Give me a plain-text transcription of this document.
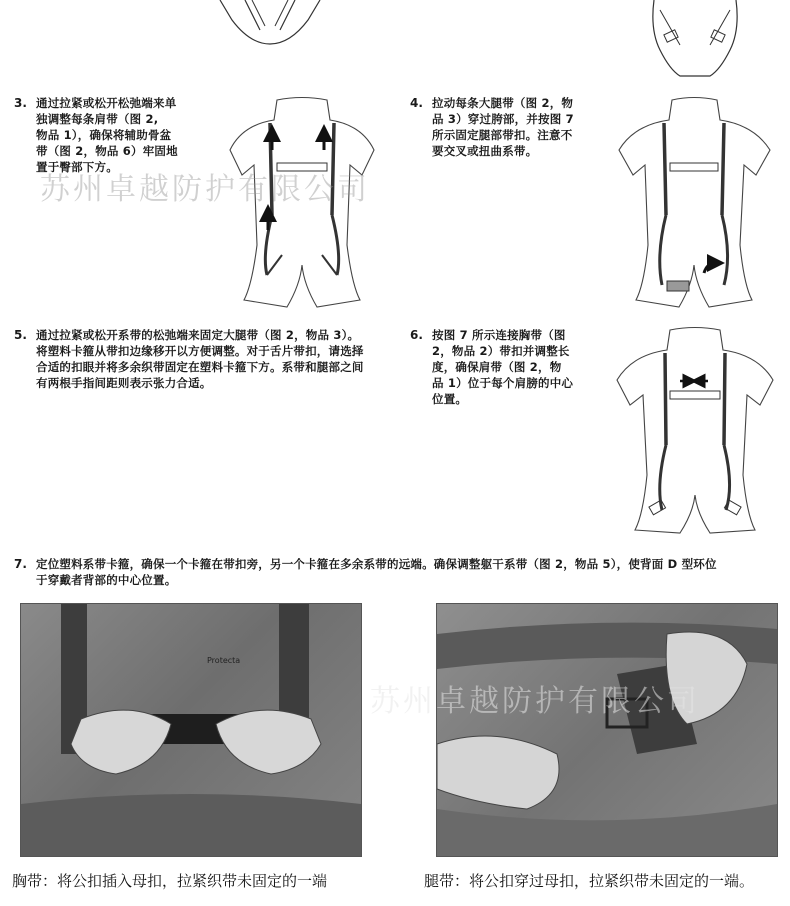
3. 通过拉紧或松开松弛端来单
独调整每条肩带（图 2,
物品 1），确保将辅助骨盆
带（图 2，物品 6）牢固地
置于臀部下方。
4. 拉动每条大腿带（图 2，物
品 3）穿过胯部，并按图 7
所示固定腿部带扣。注意不
要交叉或扭曲系带。
5. 通过拉紧或松开系带的松弛端来固定大腿带（图 2，物品 3）。
将塑料卡箍从带扣边缘移开以方便调整。对于舌片带扣，请选择
合适的扣眼并将多余织带固定在塑料卡箍下方。系带和腿部之间
有两根手指间距则表示张力合适。
6. 按图 7 所示连接胸带（图
2，物品 2）带扣并调整长
度，确保肩带（图 2，物
品 1）位于每个肩膀的中心
位置。
7. 定位塑料系带卡箍，确保一个卡箍在带扣旁，另一个卡箍在多余系带的远端。确保调整躯干系带（图 2，物品 5），使背面 D 型环位
于穿戴者背部的中心位置。
Protecta
苏州卓越防护有限公司
苏州卓越防护有限公司
胸带：将公扣插入母扣，拉紧织带未固定的一端	腿带：将公扣穿过母扣，拉紧织带未固定的一端。
